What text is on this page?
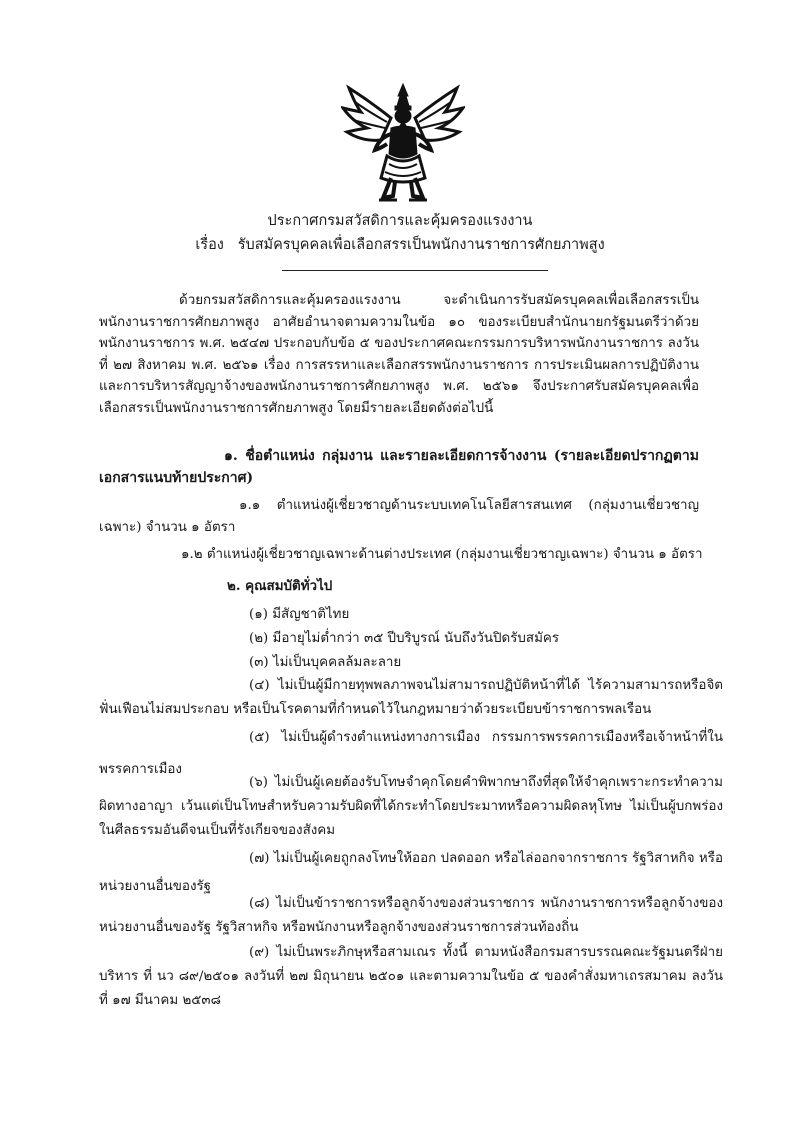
ประกาศกรมสวัสดิการและคุ้มครองแรงงาน
เรื่อง รับสมัครบุคคลเพื่อเลือกสรรเป็นพนักงานราชการศักยภาพสูง
ด้วยกรมสวัสดิการและคุ้มครองแรงงาน จะดำเนินการรับสมัครบุคคลเพื่อเลือกสรรเป็นพนักงานราชการศักยภาพสูง อาศัยอำนาจตามความในข้อ ๑๐ ของระเบียบสำนักนายกรัฐมนตรีว่าด้วยพนักงานราชการ พ.ศ. ๒๕๔๗ ประกอบกับข้อ ๕ ของประกาศคณะกรรมการบริหารพนักงานราชการ ลงวันที่ ๒๗ สิงหาคม พ.ศ. ๒๕๖๑ เรื่อง การสรรหาและเลือกสรรพนักงานราชการ การประเมินผลการปฏิบัติงาน และการบริหารสัญญาจ้างของพนักงานราชการศักยภาพสูง พ.ศ. ๒๕๖๑ จึงประกาศรับสมัครบุคคลเพื่อเลือกสรรเป็นพนักงานราชการศักยภาพสูง โดยมีรายละเอียดดังต่อไปนี้
๑. ชื่อตำแหน่ง กลุ่มงาน และรายละเอียดการจ้างงาน (รายละเอียดปรากฏตามเอกสารแนบท้ายประกาศ)
๑.๑ ตำแหน่งผู้เชี่ยวชาญด้านระบบเทคโนโลยีสารสนเทศ (กลุ่มงานเชี่ยวชาญเฉพาะ) จำนวน ๑ อัตรา
๑.๒ ตำแหน่งผู้เชี่ยวชาญเฉพาะด้านต่างประเทศ (กลุ่มงานเชี่ยวชาญเฉพาะ) จำนวน ๑ อัตรา
๒. คุณสมบัติทั่วไป
(๑) มีสัญชาติไทย
(๒) มีอายุไม่ต่ำกว่า ๓๕ ปีบริบูรณ์ นับถึงวันปิดรับสมัคร
(๓) ไม่เป็นบุคคลล้มละลาย
(๔) ไม่เป็นผู้มีกายทุพพลภาพจนไม่สามารถปฏิบัติหน้าที่ได้ ไร้ความสามารถหรือจิตฟั่นเฟือนไม่สมประกอบ หรือเป็นโรคตามที่กำหนดไว้ในกฎหมายว่าด้วยระเบียบข้าราชการพลเรือน
(๕) ไม่เป็นผู้ดำรงตำแหน่งทางการเมือง กรรมการพรรคการเมืองหรือเจ้าหน้าที่ในพรรคการเมือง
(๖) ไม่เป็นผู้เคยต้องรับโทษจำคุกโดยคำพิพากษาถึงที่สุดให้จำคุกเพราะกระทำความผิดทางอาญา เว้นแต่เป็นโทษสำหรับความรับผิดที่ได้กระทำโดยประมาทหรือความผิดลหุโทษ ไม่เป็นผู้บกพร่องในศีลธรรมอันดีจนเป็นที่รังเกียจของสังคม
(๗) ไม่เป็นผู้เคยถูกลงโทษให้ออก ปลดออก หรือไล่ออกจากราชการ รัฐวิสาหกิจ หรือหน่วยงานอื่นของรัฐ
(๘) ไม่เป็นข้าราชการหรือลูกจ้างของส่วนราชการ พนักงานราชการหรือลูกจ้างของหน่วยงานอื่นของรัฐ รัฐวิสาหกิจ หรือพนักงานหรือลูกจ้างของส่วนราชการส่วนท้องถิ่น
(๙) ไม่เป็นพระภิกษุหรือสามเณร ทั้งนี้ ตามหนังสือกรมสารบรรณคณะรัฐมนตรีฝ่ายบริหาร ที่ นว ๘๙/๒๕๐๑ ลงวันที่ ๒๗ มิถุนายน ๒๕๐๑ และตามความในข้อ ๕ ของคำสั่งมหาเถรสมาคม ลงวันที่ ๑๗ มีนาคม ๒๕๓๘
